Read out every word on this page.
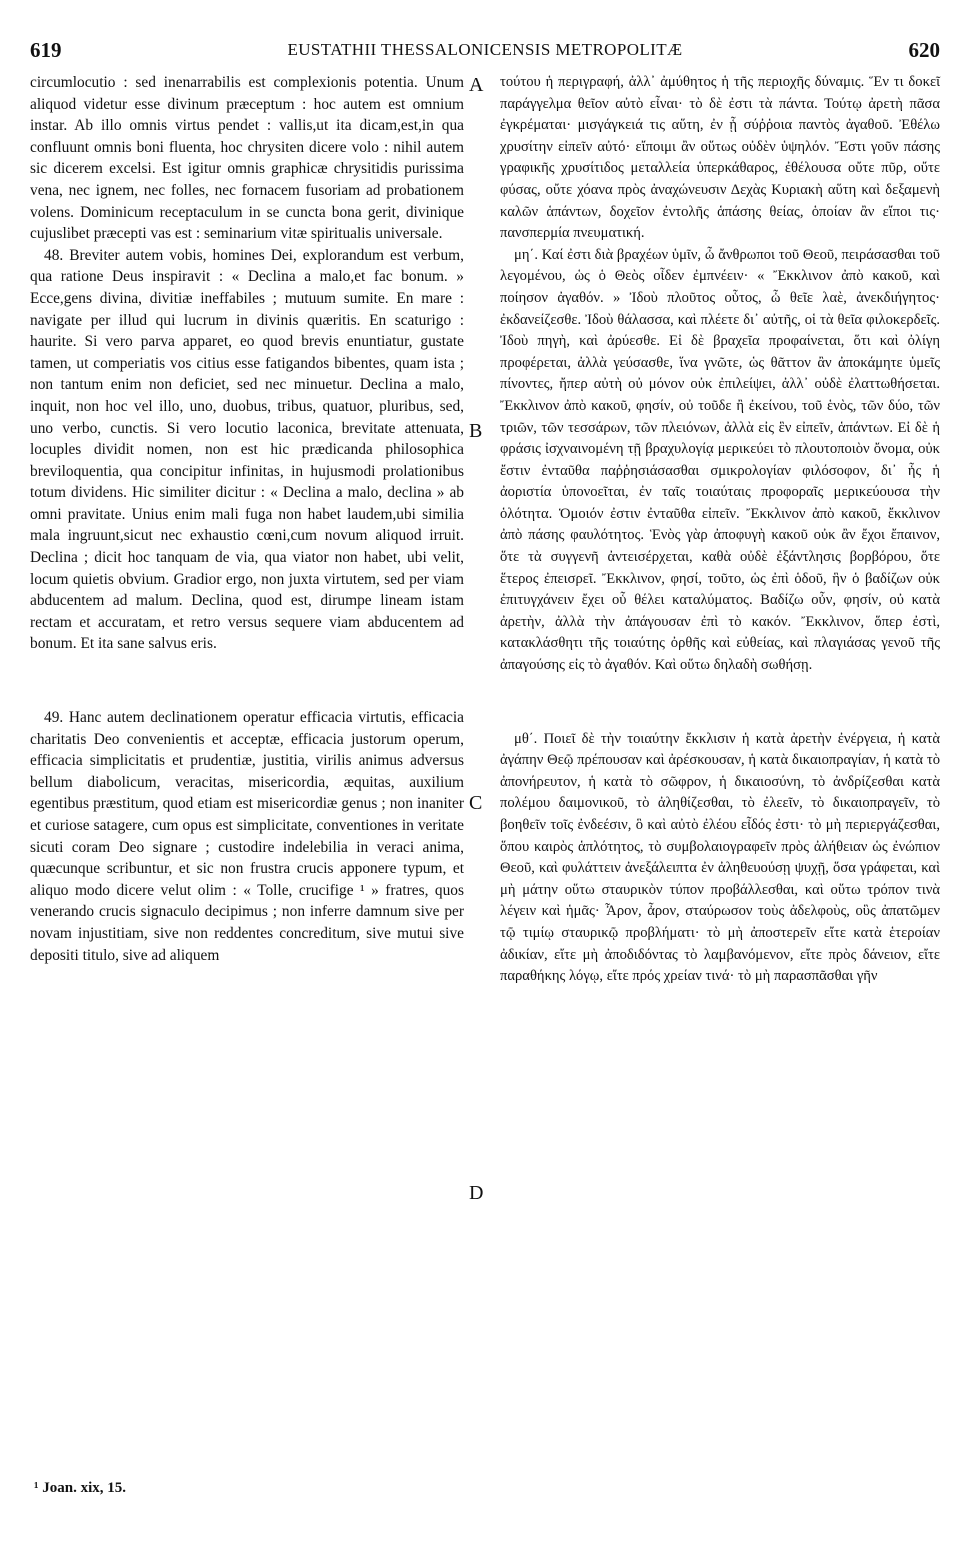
619	EUSTATHII THESSALONICENSIS METROPOLITÆ	620

circumlocutio : sed inenarrabilis est complexionis potentia. Unum aliquod videtur esse divinum præceptum : hoc autem est omnium instar. Ab illo omnis virtus pendet : vallis,ut ita dicam,est,in qua confluunt omnis boni fluenta, hoc chrysiten dicere volo : nihil autem sic dicerem excelsi. Est igitur omnis graphicæ chrysitidis purissima vena, nec ignem, nec folles, nec fornacem fusoriam ad probationem volens. Dominicum receptaculum in se cuncta bona gerit, divinique cujuslibet præcepti vas est : seminarium vitæ spiritualis universale.

48. Breviter autem vobis, homines Dei, explorandum est verbum, qua ratione Deus inspiravit : « Declina a malo,et fac bonum. » Ecce,gens divina, divitiæ ineffabiles ; mutuum sumite. En mare : navigate per illud qui lucrum in divinis quæritis. En scaturigo : haurite. Si vero parva apparet, eo quod brevis enuntiatur, gustate tamen, ut comperiatis vos citius esse fatigandos bibentes, quam ista ; non tantum enim non deficiet, sed nec minuetur. Declina a malo, inquit, non hoc vel illo, uno, duobus, tribus, quatuor, pluribus, sed, uno verbo, cunctis. Si vero locutio laconica, brevitate attenuata, locuples dividit nomen, non est hic prædicanda philosophica breviloquentia, qua concipitur infinitas, in hujusmodi prolationibus totum dividens. Hic similiter dicitur : « Declina a malo, declina » ab omni pravitate. Unius enim mali fuga non habet laudem,ubi similia mala ingruunt,sicut nec exhaustio cœni,cum novum aliquod irruit. Declina ; dicit hoc tanquam de via, qua viator non habet, ubi velit, locum quietis obvium. Gradior ergo, non juxta virtutem, sed per viam abducentem ad malum. Declina, quod est, dirumpe lineam istam rectam et accuratam, et retro versus sequere viam abducentem ad bonum. Et ita sane salvus eris.

49. Hanc autem declinationem operatur efficacia virtutis, efficacia charitatis Deo convenientis et acceptæ, efficacia justorum operum, efficacia simplicitatis et prudentiæ, justitia, virilis animus adversus bellum diabolicum, veracitas, misericordia, æquitas, auxilium egentibus præstitum, quod etiam est misericordiæ genus ; non inaniter et curiose satagere, cum opus est simplicitate, conventiones in veritate sicuti coram Deo signare ; custodire indelebilia in veraci anima, quæcunque scribuntur, et sic non frustra crucis apponere typum, et aliquo modo dicere velut olim : « Tolle, crucifige ¹ » fratres, quos venerando crucis signaculo decipimus ; non inferre damnum sive per novam injustitiam, sive non reddentes concreditum, sive mutui sive depositi titulo, sive ad aliquem

τούτου ἡ περιγραφή, ἀλλ᾽ ἀμύθητος ἡ τῆς περιοχῆς δύναμις. Ἕν τι δοκεῖ παράγγελμα θεῖον αὐτὸ εἶναι· τὸ δὲ ἐστι τὰ πάντα. Τούτῳ ἀρετὴ πᾶσα ἐγκρέμαται· μισγάγκειά τις αὕτη, ἐν ᾗ σύῤῥοια παντὸς ἀγαθοῦ. Ἐθέλω χρυσίτην εἰπεῖν αὐτό· εἴποιμι ἂν οὕτως οὐδὲν ὑψηλόν. Ἔστι γοῦν πάσης γραφικῆς χρυσίτιδος μεταλλεία ὑπερκάθαρος, ἐθέλουσα οὔτε πῦρ, οὔτε φύσας, οὔτε χόανα πρὸς ἀναχώνευσιν Δεχὰς Κυριακὴ αὕτη καὶ δεξαμενὴ καλῶν ἁπάντων, δοχεῖον ἐντολῆς ἁπάσης θείας, ὁποίαν ἂν εἴποι τις· πανσπερμία πνευματική.

μη΄. Καί ἐστι διὰ βραχέων ὑμῖν, ὦ ἄνθρωποι τοῦ Θεοῦ, πειράσασθαι τοῦ λεγομένου, ὡς ὁ Θεὸς οἶδεν ἐμπνέειν· « Ἔκκλινον ἀπὸ κακοῦ, καὶ ποίησον ἀγαθόν. » Ἰδοὺ πλοῦτος οὗτος, ὦ θεῖε λαὲ, ἀνεκδιήγητος· ἐκδανείζεσθε. Ἰδοὺ θάλασσα, καὶ πλέετε δι᾽ αὐτῆς, οἱ τὰ θεῖα φιλοκερδεῖς. Ἰδοὺ πηγὴ, καὶ ἀρύεσθε. Εἰ δὲ βραχεῖα προφαίνεται, ὅτι καὶ ὀλίγη προφέρεται, ἀλλὰ γεύσασθε, ἵνα γνῶτε, ὡς θᾶττον ἂν ἀποκάμητε ὑμεῖς πίνοντες, ἤπερ αὐτὴ οὐ μόνον οὐκ ἐπιλείψει, ἀλλ᾽ οὐδὲ ἐλαττωθήσεται. Ἔκκλινον ἀπὸ κακοῦ, φησίν, οὐ τοῦδε ἢ ἐκείνου, τοῦ ἑνὸς, τῶν δύο, τῶν τριῶν, τῶν τεσσάρων, τῶν πλειόνων, ἀλλὰ εἰς ἓν εἰπεῖν, ἁπάντων. Εἰ δὲ ἡ φράσις ἰσχναινομένη τῇ βραχυλογίᾳ μερικεύει τὸ πλουτοποιὸν ὄνομα, οὐκ ἔστιν ἐνταῦθα παῤῥησιάσασθαι σμικρολογίαν φιλόσοφον, δι᾽ ἧς ἡ ἀοριστία ὑπονοεῖται, ἐν ταῖς τοιαύταις προφοραῖς μερικεύουσα τὴν ὁλότητα. Ὁμοιόν ἐστιν ἐνταῦθα εἰπεῖν. Ἔκκλινον ἀπὸ κακοῦ, ἔκκλινον ἀπὸ πάσης φαυλότητος. Ἑνὸς γὰρ ἀποφυγὴ κακοῦ οὐκ ἂν ἔχοι ἔπαινον, ὅτε τὰ συγγενῆ ἀντεισέρχεται, καθὰ οὐδὲ ἐξάντλησις βορβόρου, ὅτε ἕτερος ἐπεισρεῖ. Ἔκκλινον, φησί, τοῦτο, ὡς ἐπὶ ὁδοῦ, ἣν ὁ βαδίζων οὐκ ἐπιτυγχάνειν ἔχει οὗ θέλει καταλύματος. Βαδίζω οὖν, φησίν, οὐ κατὰ ἀρετὴν, ἀλλὰ τὴν ἀπάγουσαν ἐπὶ τὸ κακόν. Ἔκκλινον, ὅπερ ἐστὶ, κατακλάσθητι τῆς τοιαύτης ὀρθῆς καὶ εὐθείας, καὶ πλαγιάσας γενοῦ τῆς ἀπαγούσης εἰς τὸ ἀγαθόν. Καὶ οὕτω δηλαδὴ σωθήσῃ.

μθ΄. Ποιεῖ δὲ τὴν τοιαύτην ἔκκλισιν ἡ κατὰ ἀρετὴν ἐνέργεια, ἡ κατὰ ἀγάπην Θεῷ πρέπουσαν καὶ ἀρέσκουσαν, ἡ κατὰ δικαιοπραγίαν, ἡ κατὰ τὸ ἀπονήρευτον, ἡ κατὰ τὸ σῶφρον, ἡ δικαιοσύνη, τὸ ἀνδρίζεσθαι κατὰ πολέμου δαιμονικοῦ, τὸ ἀληθίζεσθαι, τὸ ἐλεεῖν, τὸ δικαιοπραγεῖν, τὸ βοηθεῖν τοῖς ἐνδεέσιν, ὃ καὶ αὐτὸ ἐλέου εἶδός ἐστι· τὸ μὴ περιεργάζεσθαι, ὅπου καιρὸς ἁπλότητος, τὸ συμβολαιογραφεῖν πρὸς ἀλήθειαν ὡς ἐνώπιον Θεοῦ, καὶ φυλάττειν ἀνεξάλειπτα ἐν ἀληθευούσῃ ψυχῇ, ὅσα γράφεται, καὶ μὴ μάτην οὕτω σταυρικὸν τύπον προβάλλεσθαι, καὶ οὕτω τρόπον τινὰ λέγειν καὶ ἡμᾶς· Ἆρον, ἆρον, σταύρωσον τοὺς ἀδελφοὺς, οὓς ἀπατῶμεν τῷ τιμίῳ σταυρικῷ προβλήματι· τὸ μὴ ἀποστερεῖν εἴτε κατὰ ἑτεροίαν ἀδικίαν, εἴτε μὴ ἀποδιδόντας τὸ λαμβανόμενον, εἴτε πρὸς δάνειον, εἴτε παραθήκης λόγῳ, εἴτε πρός χρείαν τινά· τὸ μὴ παρασπᾶσθαι γῆν

A
B
C
D
¹ Joan. xix, 15.
